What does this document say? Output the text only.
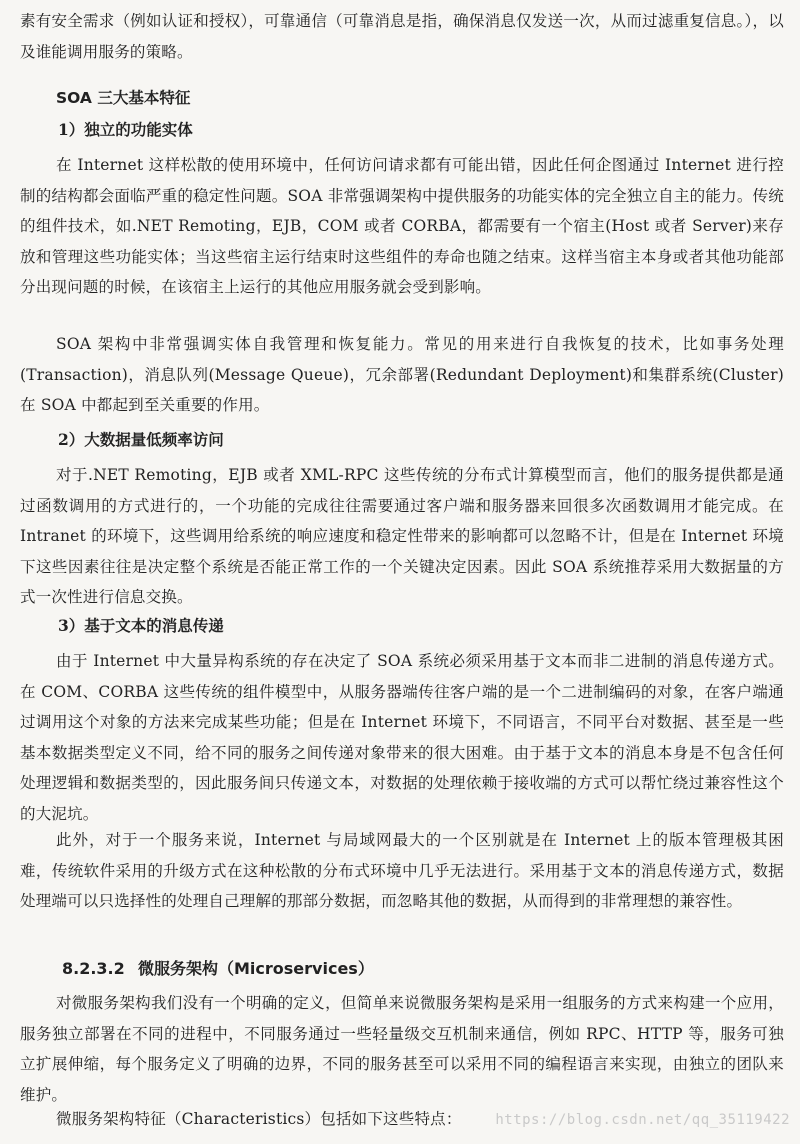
素有安全需求（例如认证和授权），可靠通信（可靠消息是指，确保消息仅发送一次，从而过滤重复信息。），以及谁能调用服务的策略。

SOA 三大基本特征
1）独立的功能实体

在 Internet 这样松散的使用环境中，任何访问请求都有可能出错，因此任何企图通过 Internet 进行控制的结构都会面临严重的稳定性问题。SOA 非常强调架构中提供服务的功能实体的完全独立自主的能力。传统的组件技术，如.NET Remoting，EJB，COM 或者 CORBA，都需要有一个宿主(Host 或者 Server)来存放和管理这些功能实体；当这些宿主运行结束时这些组件的寿命也随之结束。这样当宿主本身或者其他功能部分出现问题的时候，在该宿主上运行的其他应用服务就会受到影响。

SOA 架构中非常强调实体自我管理和恢复能力。常见的用来进行自我恢复的技术，比如事务处理(Transaction)，消息队列(Message Queue)，冗余部署(Redundant Deployment)和集群系统(Cluster)在 SOA 中都起到至关重要的作用。

2）大数据量低频率访问

对于.NET Remoting，EJB 或者 XML-RPC 这些传统的分布式计算模型而言，他们的服务提供都是通过函数调用的方式进行的，一个功能的完成往往需要通过客户端和服务器来回很多次函数调用才能完成。在 Intranet 的环境下，这些调用给系统的响应速度和稳定性带来的影响都可以忽略不计，但是在 Internet 环境下这些因素往往是决定整个系统是否能正常工作的一个关键决定因素。因此 SOA 系统推荐采用大数据量的方式一次性进行信息交换。

3）基于文本的消息传递

由于 Internet 中大量异构系统的存在决定了 SOA 系统必须采用基于文本而非二进制的消息传递方式。在 COM、CORBA 这些传统的组件模型中，从服务器端传往客户端的是一个二进制编码的对象，在客户端通过调用这个对象的方法来完成某些功能；但是在 Internet 环境下，不同语言，不同平台对数据、甚至是一些基本数据类型定义不同，给不同的服务之间传递对象带来的很大困难。由于基于文本的消息本身是不包含任何处理逻辑和数据类型的，因此服务间只传递文本，对数据的处理依赖于接收端的方式可以帮忙绕过兼容性这个的大泥坑。

此外，对于一个服务来说，Internet 与局域网最大的一个区别就是在 Internet 上的版本管理极其困难，传统软件采用的升级方式在这种松散的分布式环境中几乎无法进行。采用基于文本的消息传递方式，数据处理端可以只选择性的处理自己理解的那部分数据，而忽略其他的数据，从而得到的非常理想的兼容性。

8.2.3.2 微服务架构（Microservices）

对微服务架构我们没有一个明确的定义，但简单来说微服务架构是采用一组服务的方式来构建一个应用，服务独立部署在不同的进程中，不同服务通过一些轻量级交互机制来通信，例如 RPC、HTTP 等，服务可独立扩展伸缩，每个服务定义了明确的边界，不同的服务甚至可以采用不同的编程语言来实现，由独立的团队来维护。

微服务架构特征（Characteristics）包括如下这些特点：	https://blog.csdn.net/qq_35119422
